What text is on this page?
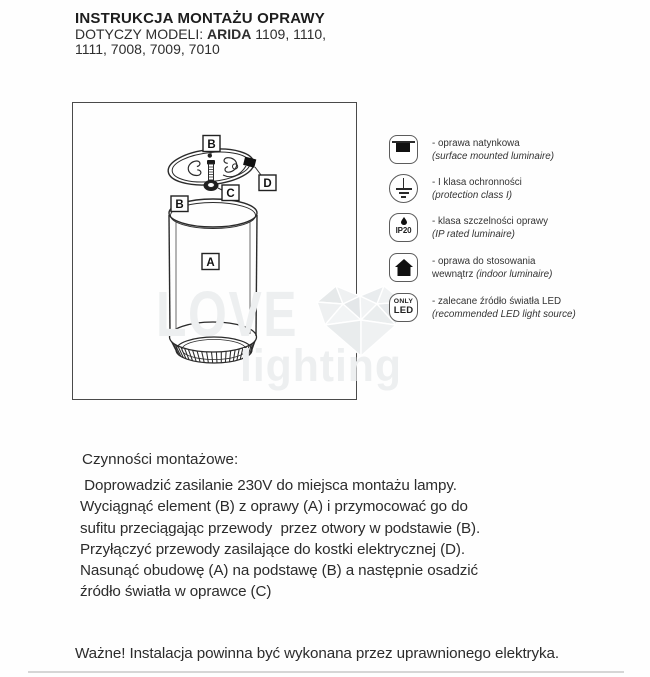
INSTRUKCJA MONTAŻU OPRAWY
DOTYCZY MODELI: ARIDA 1109, 1110,
1111, 7008, 7009, 7010
LOVE
lighting
B
D
C
B
A
- oprawa natynkowa
(surface mounted luminaire)
- I klasa ochronności
(protection class I)
IP20
- klasa szczelności oprawy
(IP rated luminaire)
- oprawa do stosowania
wewnątrz (indoor luminaire)
ONLY
LED
- zalecane źródło światła LED
(recommended LED light source)
Czynności montażowe:
Doprowadzić zasilanie 230V do miejsca montażu lampy.
Wyciągnąć element (B) z oprawy (A) i przymocować go do
sufitu przeciągając przewody  przez otwory w podstawie (B).
Przyłączyć przewody zasilające do kostki elektrycznej (D).
Nasunąć obudowę (A) na podstawę (B) a następnie osadzić
źródło światła w oprawce (C)
Ważne! Instalacja powinna być wykonana przez uprawnionego elektryka.
